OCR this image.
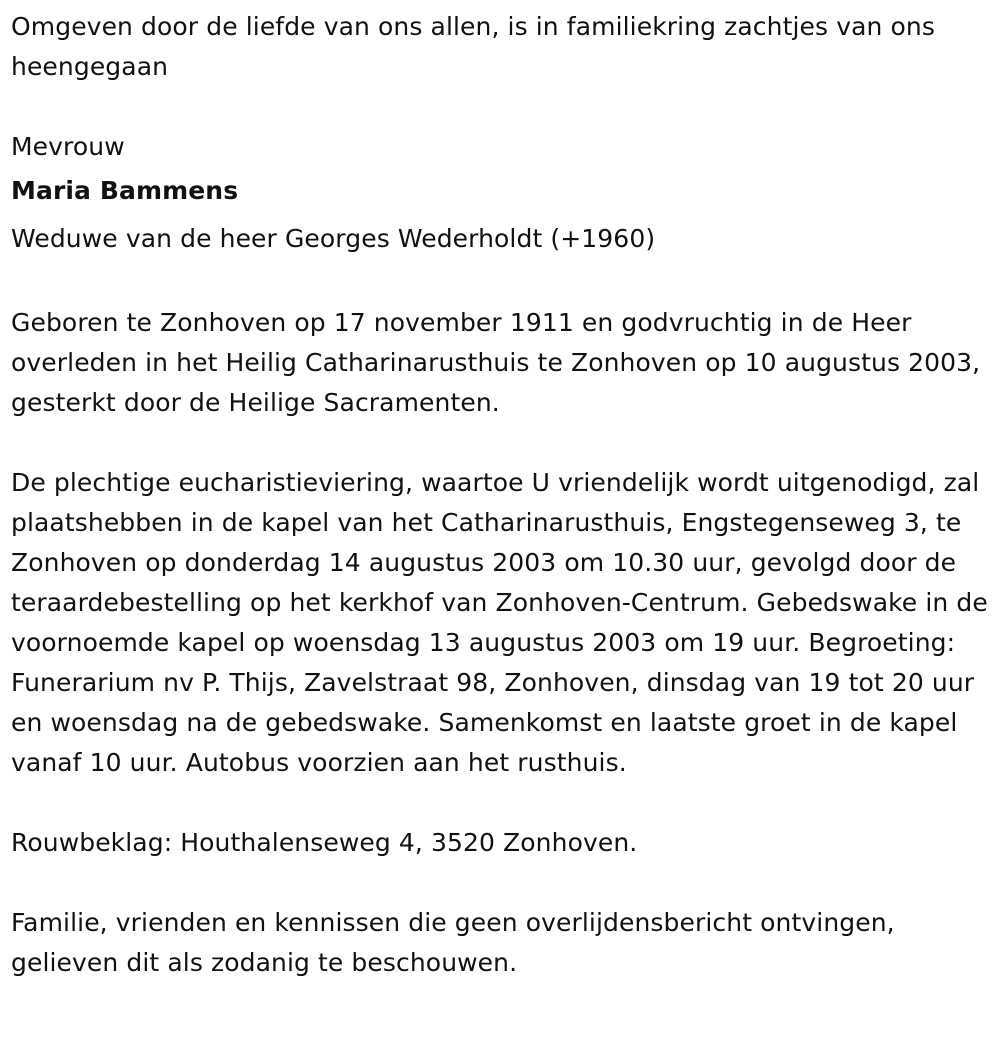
Omgeven door de liefde van ons allen, is in familiekring zachtjes van ons heengegaan

Mevrouw

Maria Bammens

Weduwe van de heer Georges Wederholdt (+1960)

Geboren te Zonhoven op 17 november 1911 en godvruchtig in de Heer overleden in het Heilig Catharinarusthuis te Zonhoven op 10 augustus 2003, gesterkt door de Heilige Sacramenten.

De plechtige eucharistieviering, waartoe U vriendelijk wordt uitgenodigd, zal plaatshebben in de kapel van het Catharinarusthuis, Engstegenseweg 3, te Zonhoven op donderdag 14 augustus 2003 om 10.30 uur, gevolgd door de teraardebestelling op het kerkhof van Zonhoven-Centrum. Gebedswake in de voornoemde kapel op woensdag 13 augustus 2003 om 19 uur. Begroeting: Funerarium nv P. Thijs, Zavelstraat 98, Zonhoven, dinsdag van 19 tot 20 uur en woensdag na de gebedswake. Samenkomst en laatste groet in de kapel vanaf 10 uur. Autobus voorzien aan het rusthuis.

Rouwbeklag: Houthalenseweg 4, 3520 Zonhoven.

Familie, vrienden en kennissen die geen overlijdensbericht ontvingen, gelieven dit als zodanig te beschouwen.
